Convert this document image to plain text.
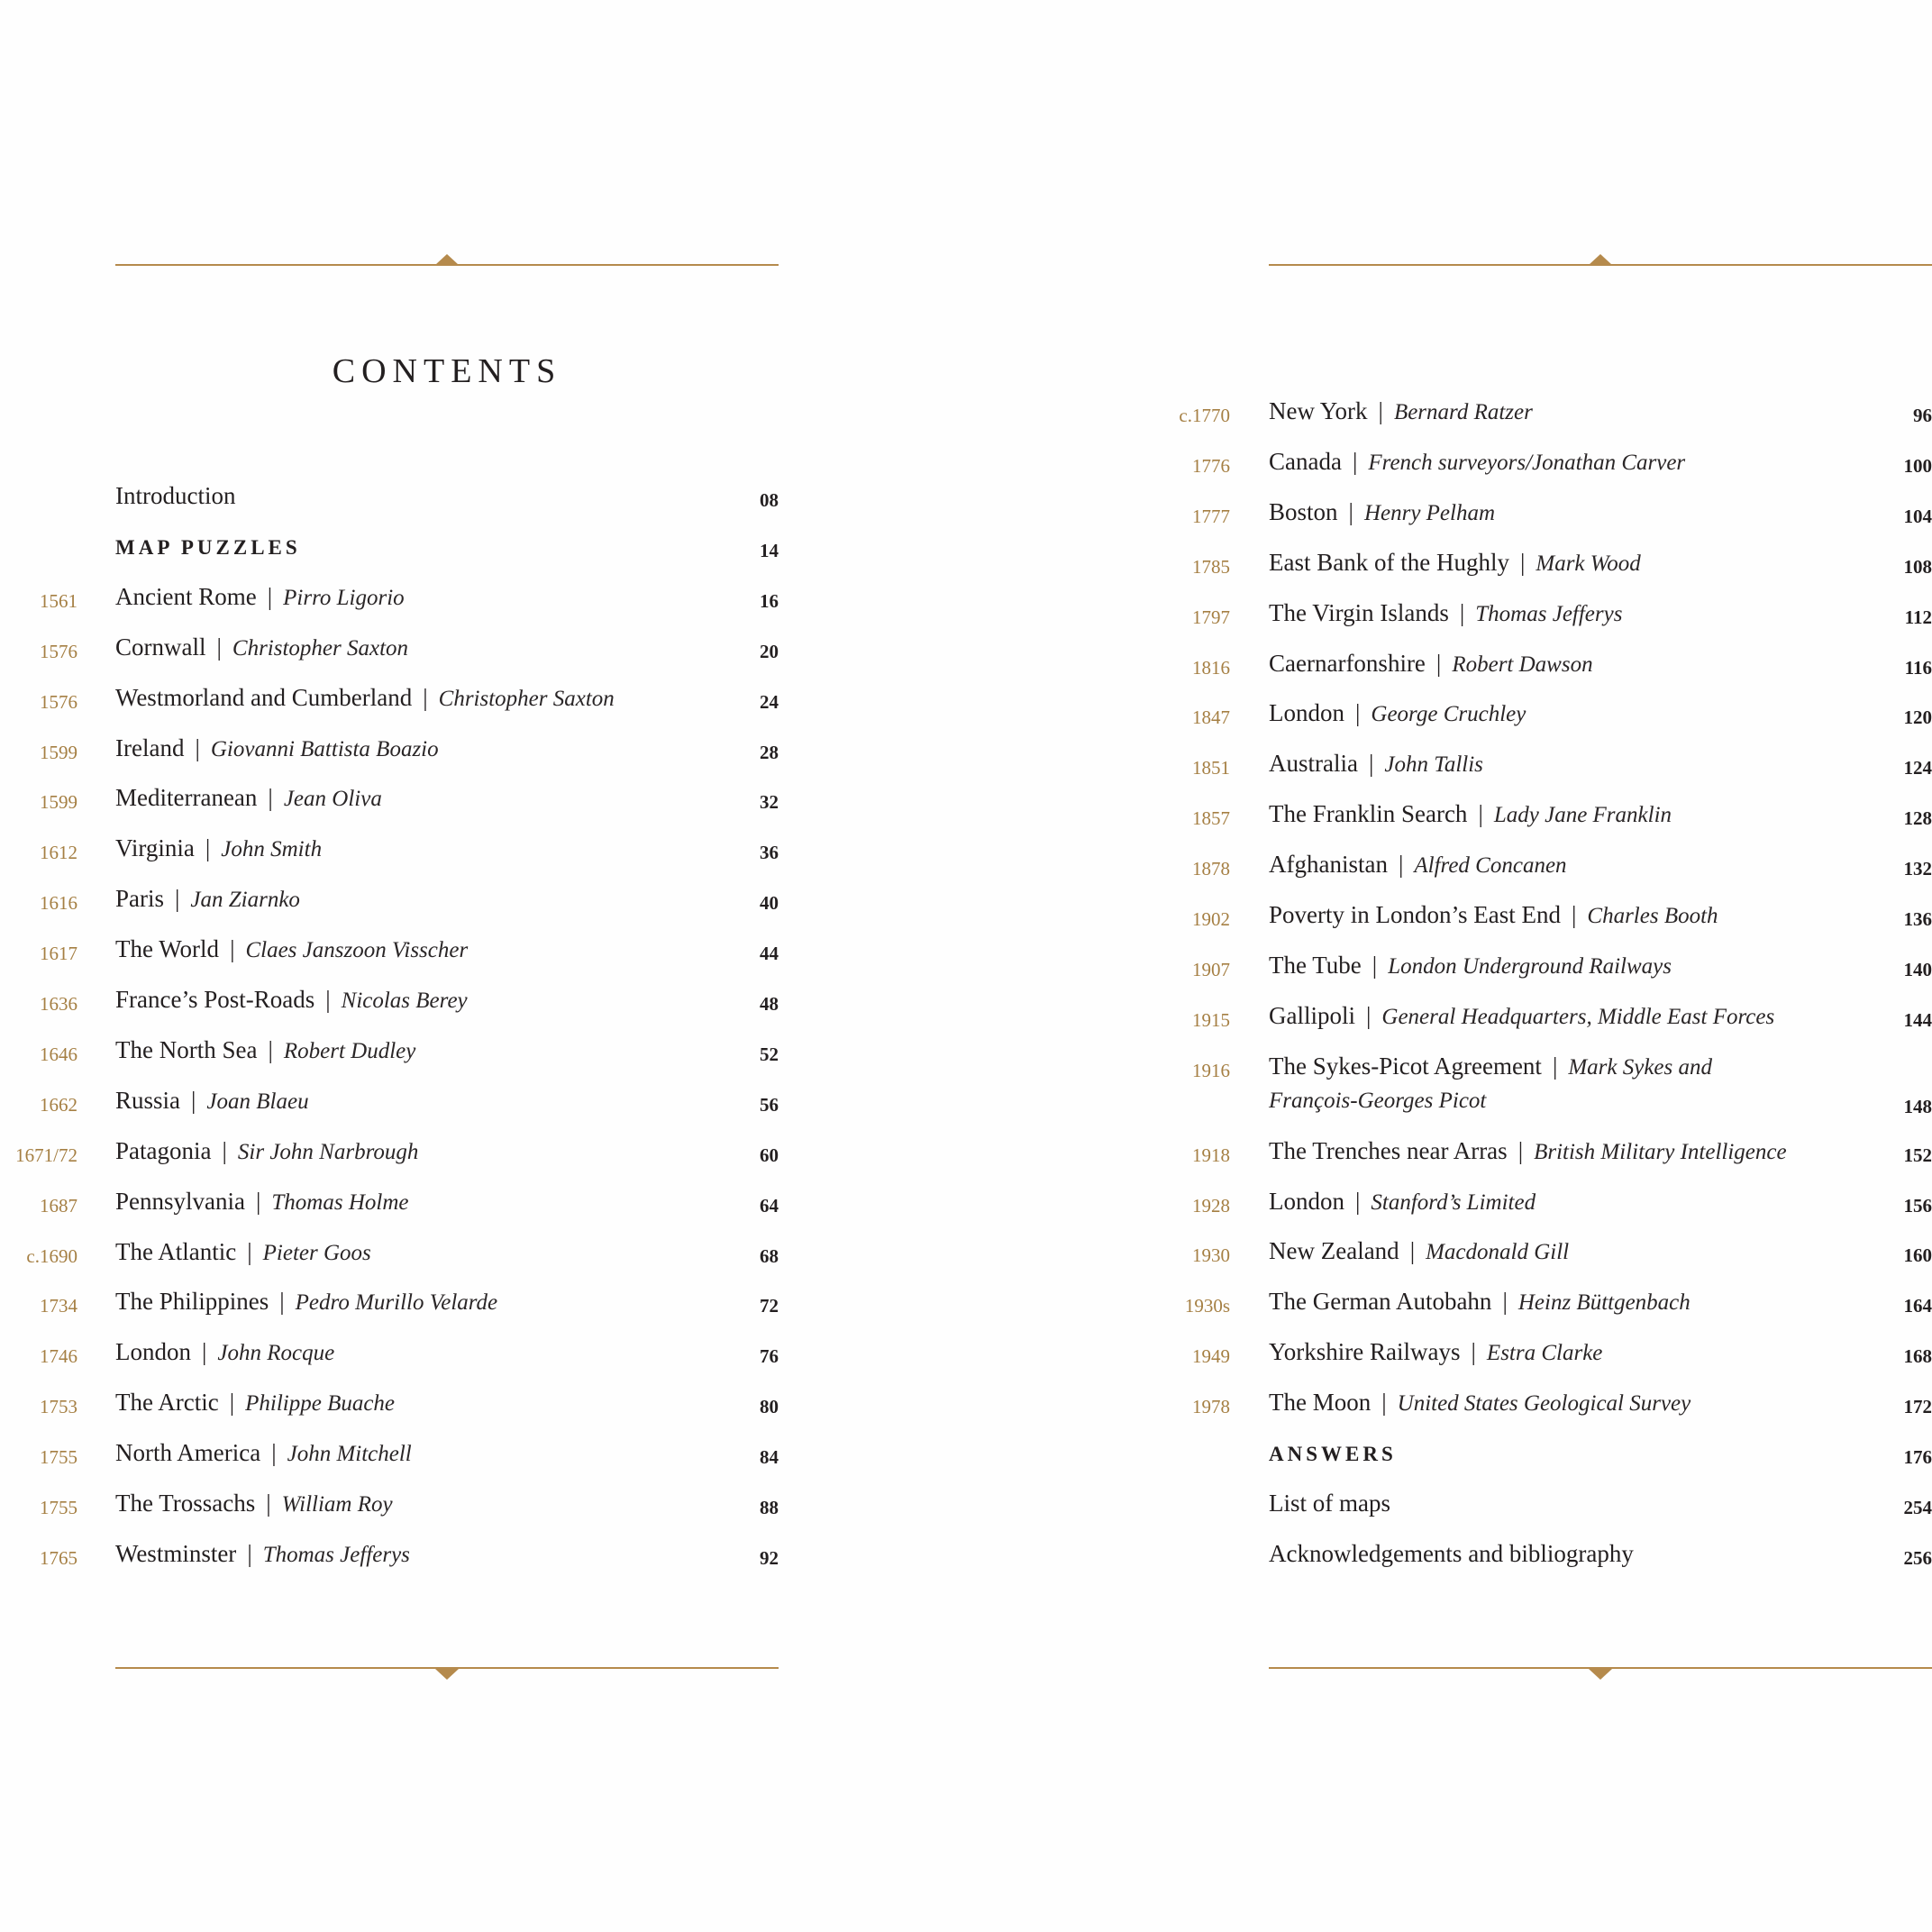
CONTENTS
Introduction	08
MAP PUZZLES	14
1561 Ancient Rome | Pirro Ligorio	16
1576 Cornwall | Christopher Saxton	20
1576 Westmorland and Cumberland | Christopher Saxton	24
1599 Ireland | Giovanni Battista Boazio	28
1599 Mediterranean | Jean Oliva	32
1612 Virginia | John Smith	36
1616 Paris | Jan Ziarnko	40
1617 The World | Claes Janszoon Visscher	44
1636 France’s Post-Roads | Nicolas Berey	48
1646 The North Sea | Robert Dudley	52
1662 Russia | Joan Blaeu	56
1671/72 Patagonia | Sir John Narbrough	60
1687 Pennsylvania | Thomas Holme	64
c.1690 The Atlantic | Pieter Goos	68
1734 The Philippines | Pedro Murillo Velarde	72
1746 London | John Rocque	76
1753 The Arctic | Philippe Buache	80
1755 North America | John Mitchell	84
1755 The Trossachs | William Roy	88
1765 Westminster | Thomas Jefferys	92
c.1770 New York | Bernard Ratzer	96
1776 Canada | French surveyors/Jonathan Carver	100
1777 Boston | Henry Pelham	104
1785 East Bank of the Hughly | Mark Wood	108
1797 The Virgin Islands | Thomas Jefferys	112
1816 Caernarfonshire | Robert Dawson	116
1847 London | George Cruchley	120
1851 Australia | John Tallis	124
1857 The Franklin Search | Lady Jane Franklin	128
1878 Afghanistan | Alfred Concanen	132
1902 Poverty in London’s East End | Charles Booth	136
1907 The Tube | London Underground Railways	140
1915 Gallipoli | General Headquarters, Middle East Forces	144
1916 The Sykes-Picot Agreement | Mark Sykes and
François-Georges Picot	148
1918 The Trenches near Arras | British Military Intelligence	152
1928 London | Stanford’s Limited	156
1930 New Zealand | Macdonald Gill	160
1930s The German Autobahn | Heinz Büttgenbach	164
1949 Yorkshire Railways | Estra Clarke	168
1978 The Moon | United States Geological Survey	172
ANSWERS	176
List of maps	254
Acknowledgements and bibliography	256
